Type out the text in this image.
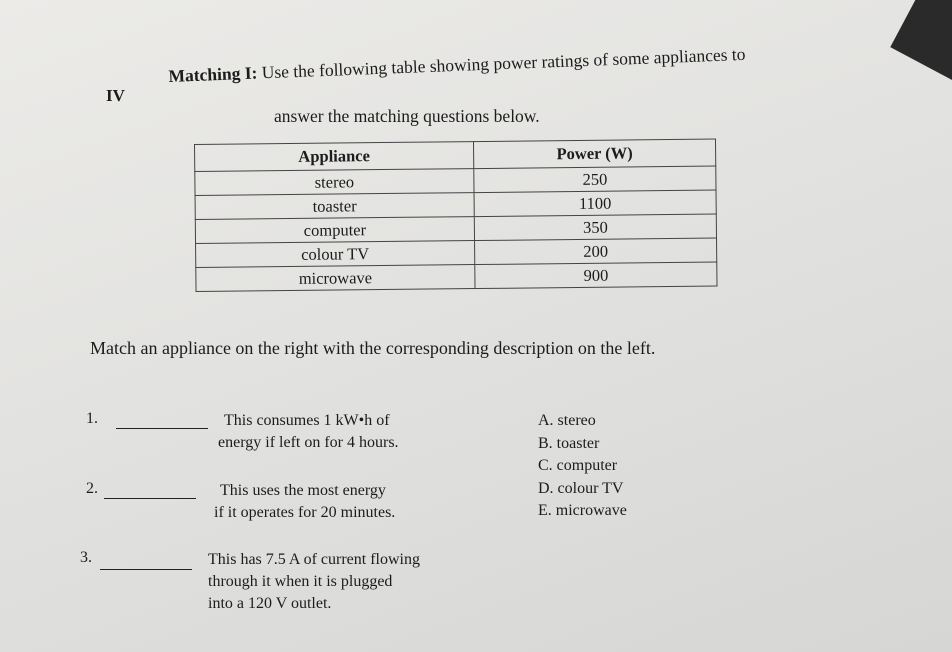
IV
Matching I: Use the following table showing power ratings of some appliances to
answer the matching questions below.
Appliance	Power (W)
stereo	250
toaster	1100
computer	350
colour TV	200
microwave	900
Match an appliance on the right with the corresponding description on the left.
1.	This consumes 1 kW•h of
energy if left on for 4 hours.
2.	This uses the most energy
if it operates for 20 minutes.
3.	This has 7.5 A of current flowing
through it when it is plugged
into a 120 V outlet.
A. stereo
B. toaster
C. computer
D. colour TV
E. microwave
